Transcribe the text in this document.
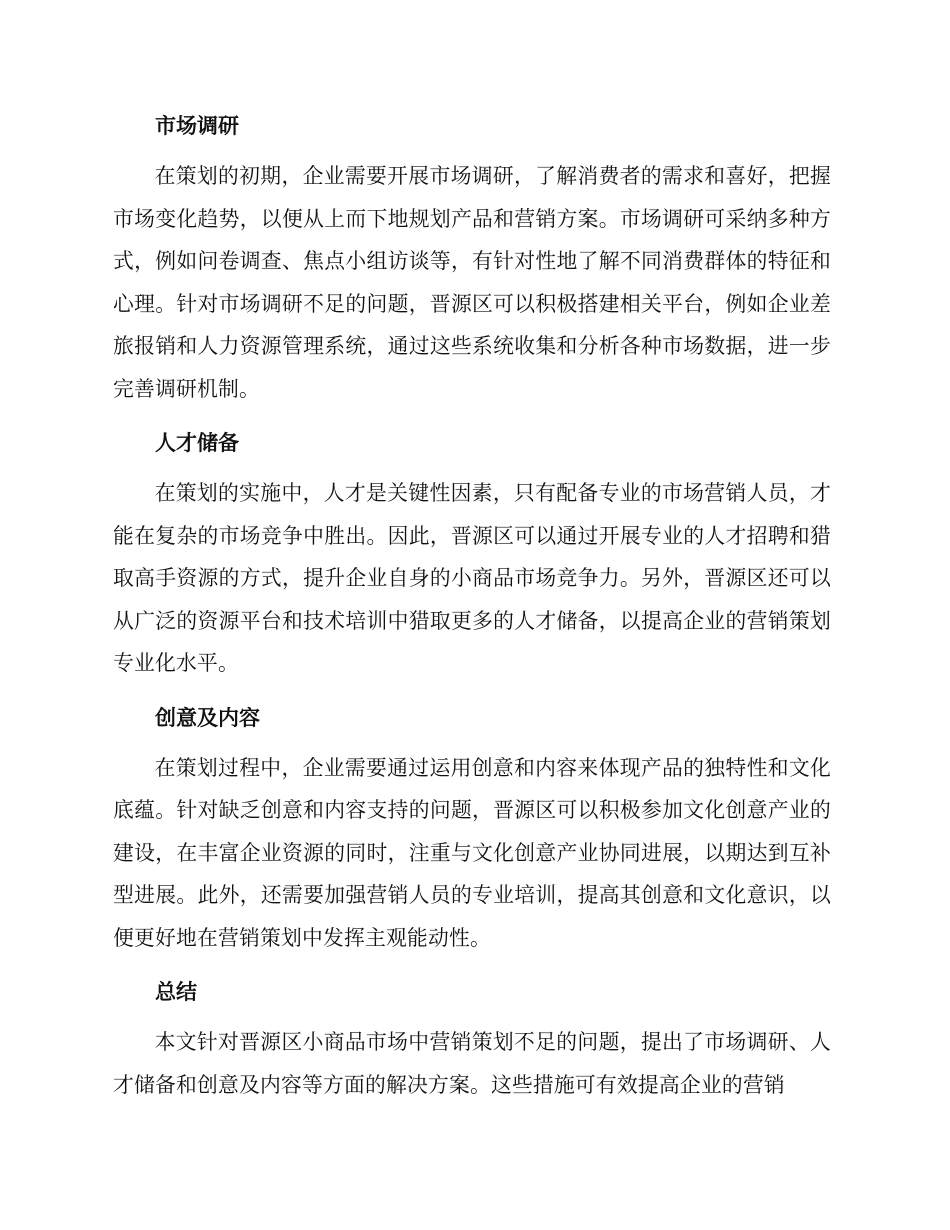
市场调研

在策划的初期，企业需要开展市场调研，了解消费者的需求和喜好，把握市场变化趋势，以便从上而下地规划产品和营销方案。市场调研可采纳多种方式，例如问卷调查、焦点小组访谈等，有针对性地了解不同消费群体的特征和心理。针对市场调研不足的问题，晋源区可以积极搭建相关平台，例如企业差旅报销和人力资源管理系统，通过这些系统收集和分析各种市场数据，进一步完善调研机制。

人才储备

在策划的实施中，人才是关键性因素，只有配备专业的市场营销人员，才能在复杂的市场竞争中胜出。因此，晋源区可以通过开展专业的人才招聘和猎取高手资源的方式，提升企业自身的小商品市场竞争力。另外，晋源区还可以从广泛的资源平台和技术培训中猎取更多的人才储备，以提高企业的营销策划专业化水平。

创意及内容

在策划过程中，企业需要通过运用创意和内容来体现产品的独特性和文化底蕴。针对缺乏创意和内容支持的问题，晋源区可以积极参加文化创意产业的建设，在丰富企业资源的同时，注重与文化创意产业协同进展，以期达到互补型进展。此外，还需要加强营销人员的专业培训，提高其创意和文化意识，以便更好地在营销策划中发挥主观能动性。

总结

本文针对晋源区小商品市场中营销策划不足的问题，提出了市场调研、人才储备和创意及内容等方面的解决方案。这些措施可有效提高企业的营销
